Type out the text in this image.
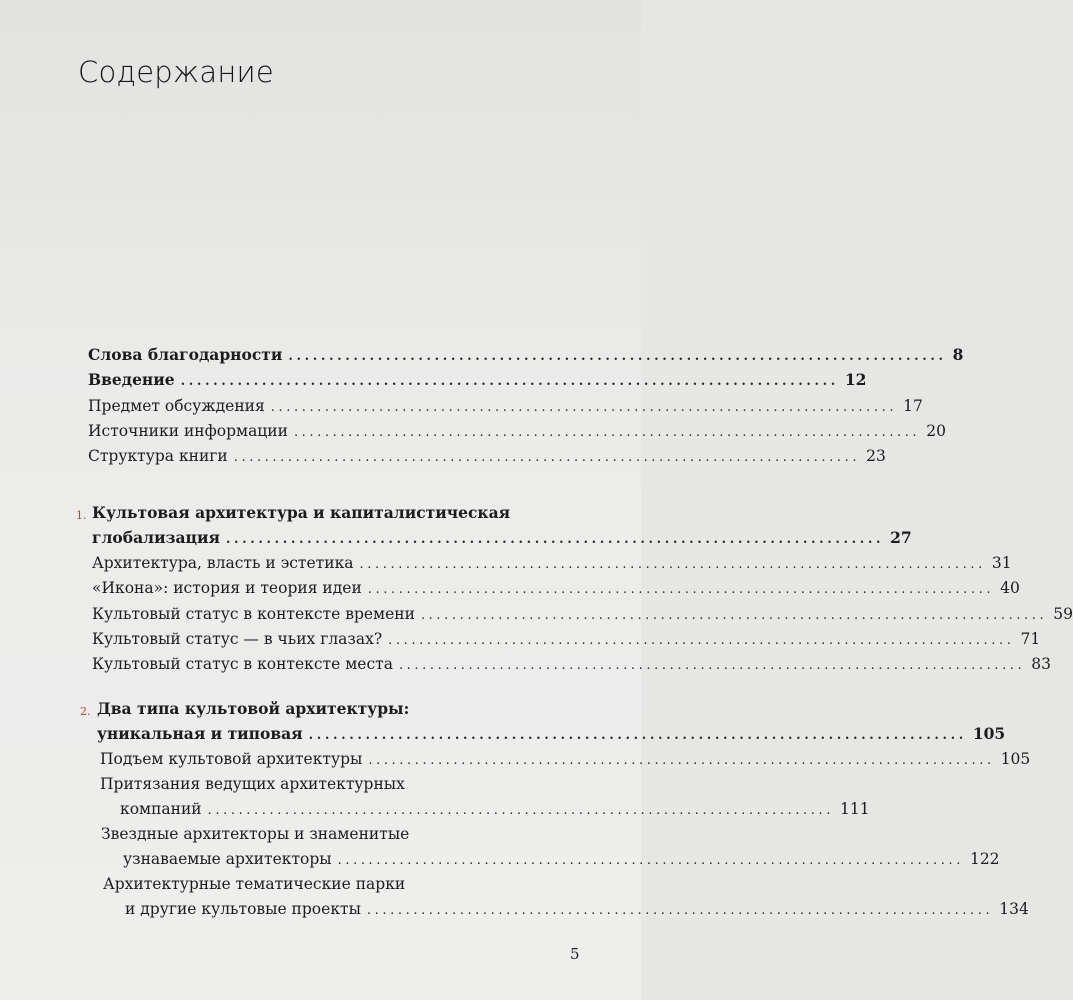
Содержание
Слова благодарности ................................................................................. 8
Введение ................................................................................. 12
Предмет обсуждения ................................................................................. 17
Источники информации ................................................................................. 20
Структура книги ................................................................................. 23
1. Культовая архитектура и капиталистическая
глобализация ................................................................................. 27
Архитектура, власть и эстетика ................................................................................. 31
«Икона»: история и теория идеи ................................................................................. 40
Культовый статус в контексте времени ................................................................................. 59
Культовый статус — в чьих глазах? ................................................................................. 71
Культовый статус в контексте места ................................................................................. 83
2. Два типа культовой архитектуры:
уникальная и типовая ................................................................................. 105
Подъем культовой архитектуры ................................................................................. 105
Притязания ведущих архитектурных
компаний ................................................................................. 111
Звездные архитекторы и знаменитые
узнаваемые архитекторы ................................................................................. 122
Архитектурные тематические парки
и другие культовые проекты ................................................................................. 134
5
